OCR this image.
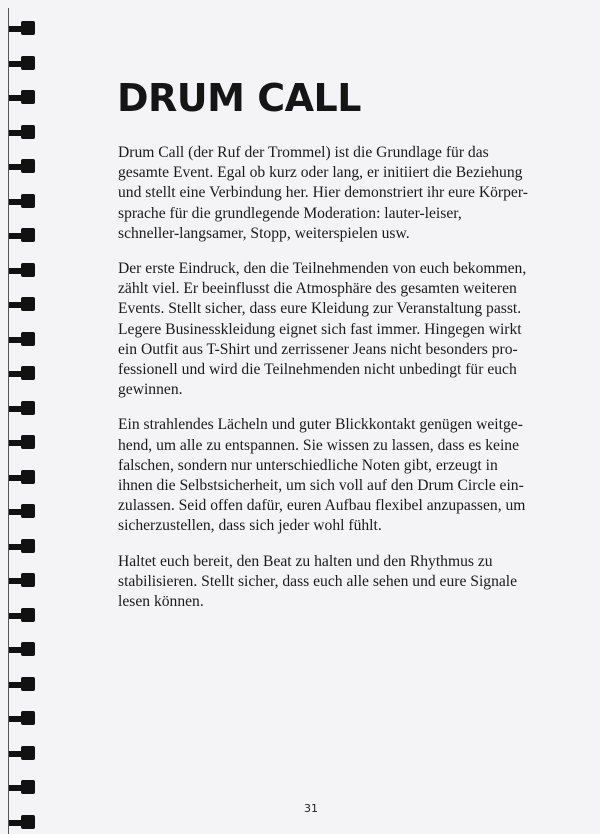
DRUM CALL

Drum Call (der Ruf der Trommel) ist die Grundlage für das
gesamte Event. Egal ob kurz oder lang, er initiiert die Beziehung
und stellt eine Verbindung her. Hier demonstriert ihr eure Körper-
sprache für die grundlegende Moderation: lauter-leiser,
schneller-langsamer, Stopp, weiterspielen usw.

Der erste Eindruck, den die Teilnehmenden von euch bekommen,
zählt viel. Er beeinflusst die Atmosphäre des gesamten weiteren
Events. Stellt sicher, dass eure Kleidung zur Veranstaltung passt.
Legere Businesskleidung eignet sich fast immer. Hingegen wirkt
ein Outfit aus T-Shirt und zerrissener Jeans nicht besonders pro-
fessionell und wird die Teilnehmenden nicht unbedingt für euch
gewinnen.

Ein strahlendes Lächeln und guter Blickkontakt genügen weitge-
hend, um alle zu entspannen. Sie wissen zu lassen, dass es keine
falschen, sondern nur unterschiedliche Noten gibt, erzeugt in
ihnen die Selbstsicherheit, um sich voll auf den Drum Circle ein-
zulassen. Seid offen dafür, euren Aufbau flexibel anzupassen, um
sicherzustellen, dass sich jeder wohl fühlt.

Haltet euch bereit, den Beat zu halten und den Rhythmus zu
stabilisieren. Stellt sicher, dass euch alle sehen und eure Signale
lesen können.

31
